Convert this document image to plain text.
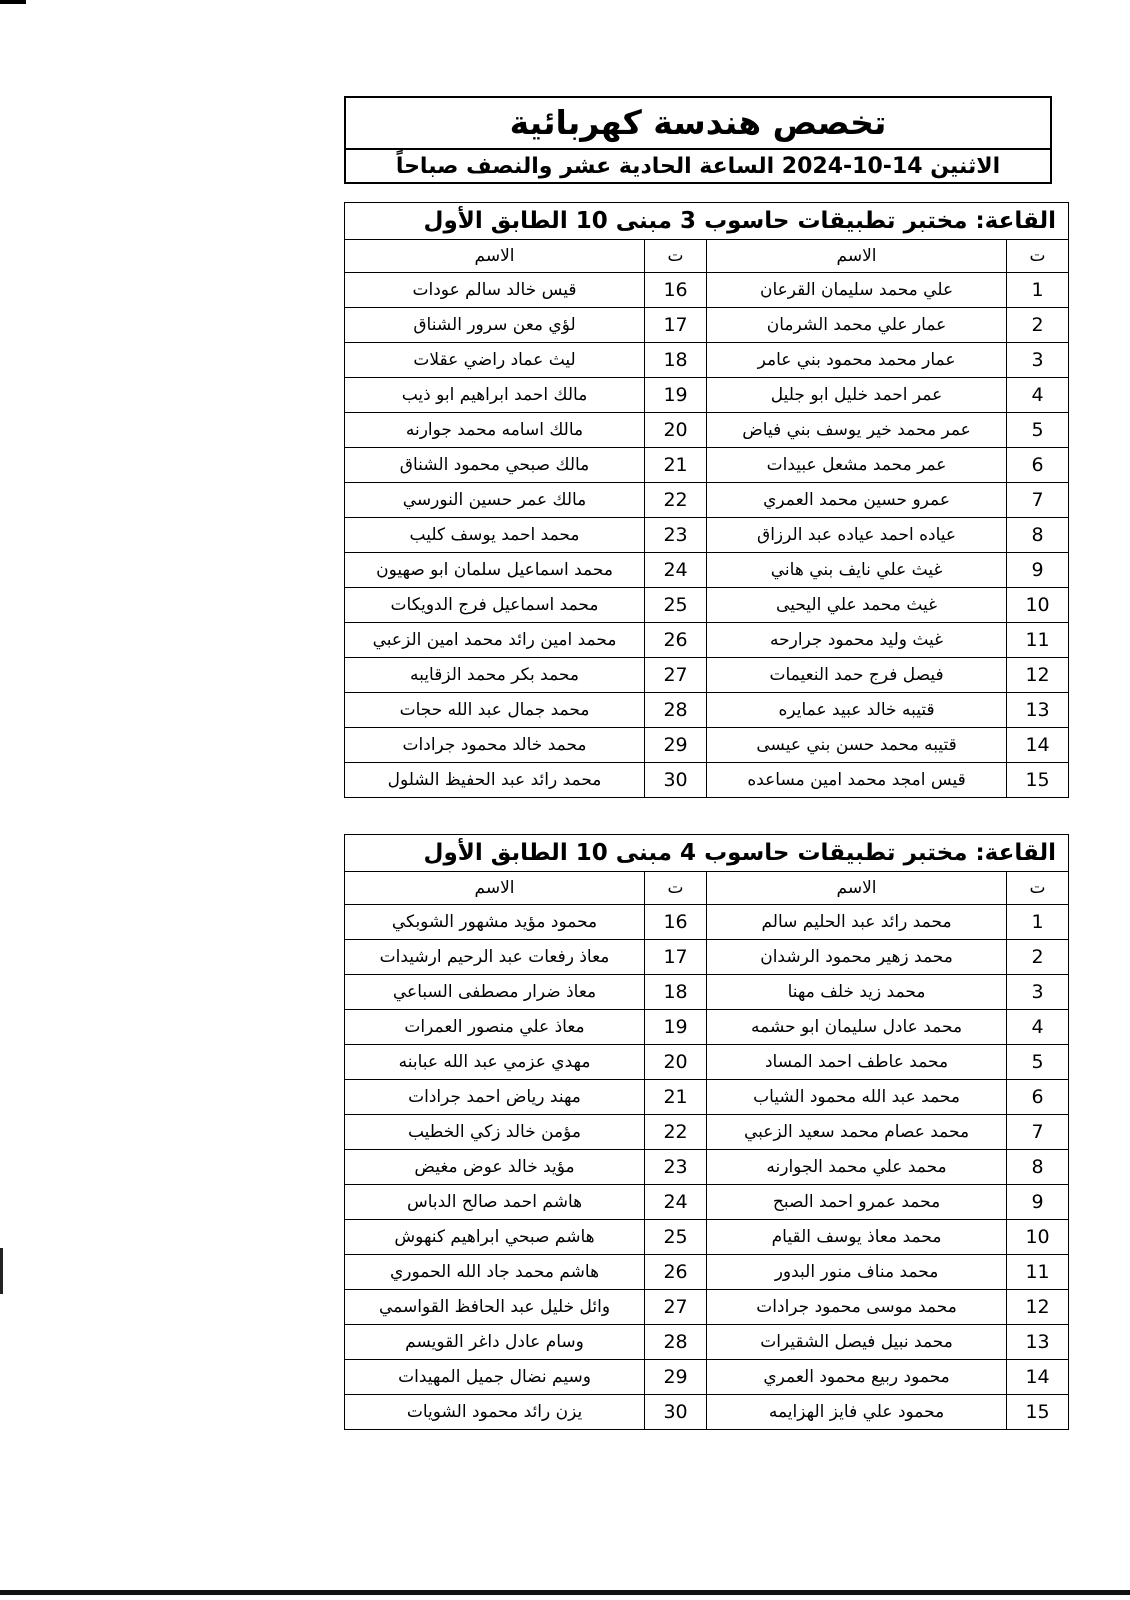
تخصص هندسة كهربائية
الاثنين 14-10-2024 الساعة الحادية عشر والنصف صباحاً
القاعة: مختبر تطبيقات حاسوب 3 مبنى 10 الطابق الأول			
ت	الاسم	ت	الاسم
1	علي محمد سليمان القرعان	16	قيس خالد سالم عودات
2	عمار علي محمد الشرمان	17	لؤي معن سرور الشناق
3	عمار محمد محمود بني عامر	18	ليث عماد راضي عقلات
4	عمر احمد خليل ابو جليل	19	مالك احمد ابراهيم ابو ذيب
5	عمر محمد خير يوسف بني فياض	20	مالك اسامه محمد جوارنه
6	عمر محمد مشعل عبيدات	21	مالك صبحي محمود الشناق
7	عمرو حسين محمد العمري	22	مالك عمر حسين النورسي
8	عياده احمد عياده عبد الرزاق	23	محمد احمد يوسف كليب
9	غيث علي نايف بني هاني	24	محمد اسماعيل سلمان ابو صهيون
10	غيث محمد علي اليحيى	25	محمد اسماعيل فرج الدويكات
11	غيث وليد محمود جرارحه	26	محمد امين رائد محمد امين الزعبي
12	فيصل فرج حمد النعيمات	27	محمد بكر محمد الزقايبه
13	قتيبه خالد عبيد عمايره	28	محمد جمال عبد الله حجات
14	قتيبه محمد حسن بني عيسى	29	محمد خالد محمود جرادات
15	قيس امجد محمد امين مساعده	30	محمد رائد عبد الحفيظ الشلول
القاعة: مختبر تطبيقات حاسوب 4 مبنى 10 الطابق الأول			
ت	الاسم	ت	الاسم
1	محمد رائد عبد الحليم سالم	16	محمود مؤيد مشهور الشوبكي
2	محمد زهير محمود الرشدان	17	معاذ رفعات عبد الرحيم ارشيدات
3	محمد زيد خلف مهنا	18	معاذ ضرار مصطفى السباعي
4	محمد عادل سليمان ابو حشمه	19	معاذ علي منصور العمرات
5	محمد عاطف احمد المساد	20	مهدي عزمي عبد الله عبابنه
6	محمد عبد الله محمود الشياب	21	مهند رياض احمد جرادات
7	محمد عصام محمد سعيد الزعبي	22	مؤمن خالد زكي الخطيب
8	محمد علي محمد الجوارنه	23	مؤيد خالد عوض مغيض
9	محمد عمرو احمد الصبح	24	هاشم احمد صالح الدباس
10	محمد معاذ يوسف القيام	25	هاشم صبحي ابراهيم كنهوش
11	محمد مناف منور البدور	26	هاشم محمد جاد الله الحموري
12	محمد موسى محمود جرادات	27	وائل خليل عبد الحافظ القواسمي
13	محمد نبيل فيصل الشقيرات	28	وسام عادل داغر القويسم
14	محمود ربيع محمود العمري	29	وسيم نضال جميل المهيدات
15	محمود علي فايز الهزايمه	30	يزن رائد محمود الشويات
